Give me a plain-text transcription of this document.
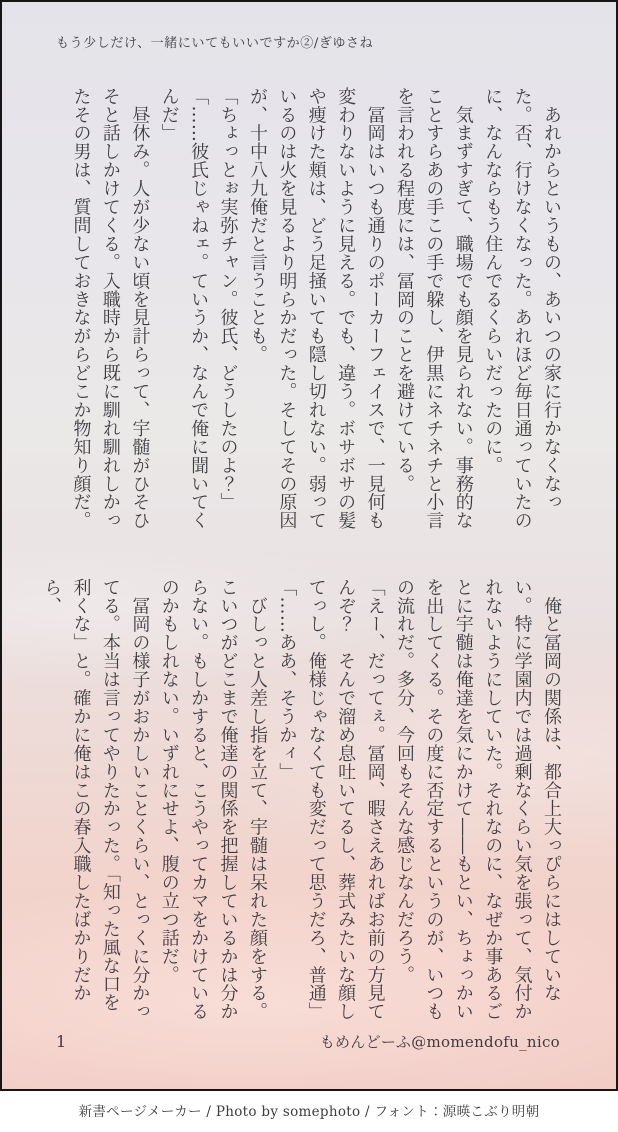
もう少しだけ、一緒にいてもいいですか②/ぎゆさね

　あれからというもの、あいつの家に行かなくなった。否、行けなくなった。あれほど毎日通っていたのに、なんならもう住んでるくらいだったのに。

　気まずすぎて、職場でも顔を見られない。事務的なことすらあの手この手で躱し、伊黒にネチネチと小言を言われる程度には、冨岡のことを避けている。

　冨岡はいつも通りのポーカーフェイスで、一見何も変わりないように見える。でも、違う。ボサボサの髪や痩けた頬は、どう足掻いても隠し切れない。弱っているのは火を見るより明らかだった。そしてその原因が、十中八九俺だと言うことも。

「ちょっとぉ実弥チャン。彼氏、どうしたのよ？」

「……彼氏じゃねェ。ていうか、なんで俺に聞いてくんだ」

　昼休み。人が少ない頃を見計らって、宇髄がひそひそと話しかけてくる。入職時から既に馴れ馴れしかったその男は、質問しておきながらどこか物知り顔だ。

　俺と冨岡の関係は、都合上大っぴらにはしていない。特に学園内では過剰なくらい気を張って、気付かれないようにしていた。それなのに、なぜか事あるごとに宇髄は俺達を気にかけて――もとい、ちょっかいを出してくる。その度に否定するというのが、いつもの流れだ。多分、今回もそんな感じなんだろう。

「えー、だってぇ。冨岡、暇さえあればお前の方見てんぞ？　そんで溜め息吐いてるし、葬式みたいな顔してっし。俺様じゃなくても変だって思うだろ、普通」

「……ああ、そうかィ」

　びしっと人差し指を立て、宇髄は呆れた顔をする。こいつがどこまで俺達の関係を把握しているかは分からない。もしかすると、こうやってカマをかけているのかもしれない。いずれにせよ、腹の立つ話だ。

　冨岡の様子がおかしいことくらい、とっくに分かってる。本当は言ってやりたかった。「知った風な口を利くな」と。確かに俺はこの春入職したばかりだから、

1	もめんどーふ@momendofu_nico
新書ページメーカー / Photo by somephoto / フォント：源暎こぶり明朝
